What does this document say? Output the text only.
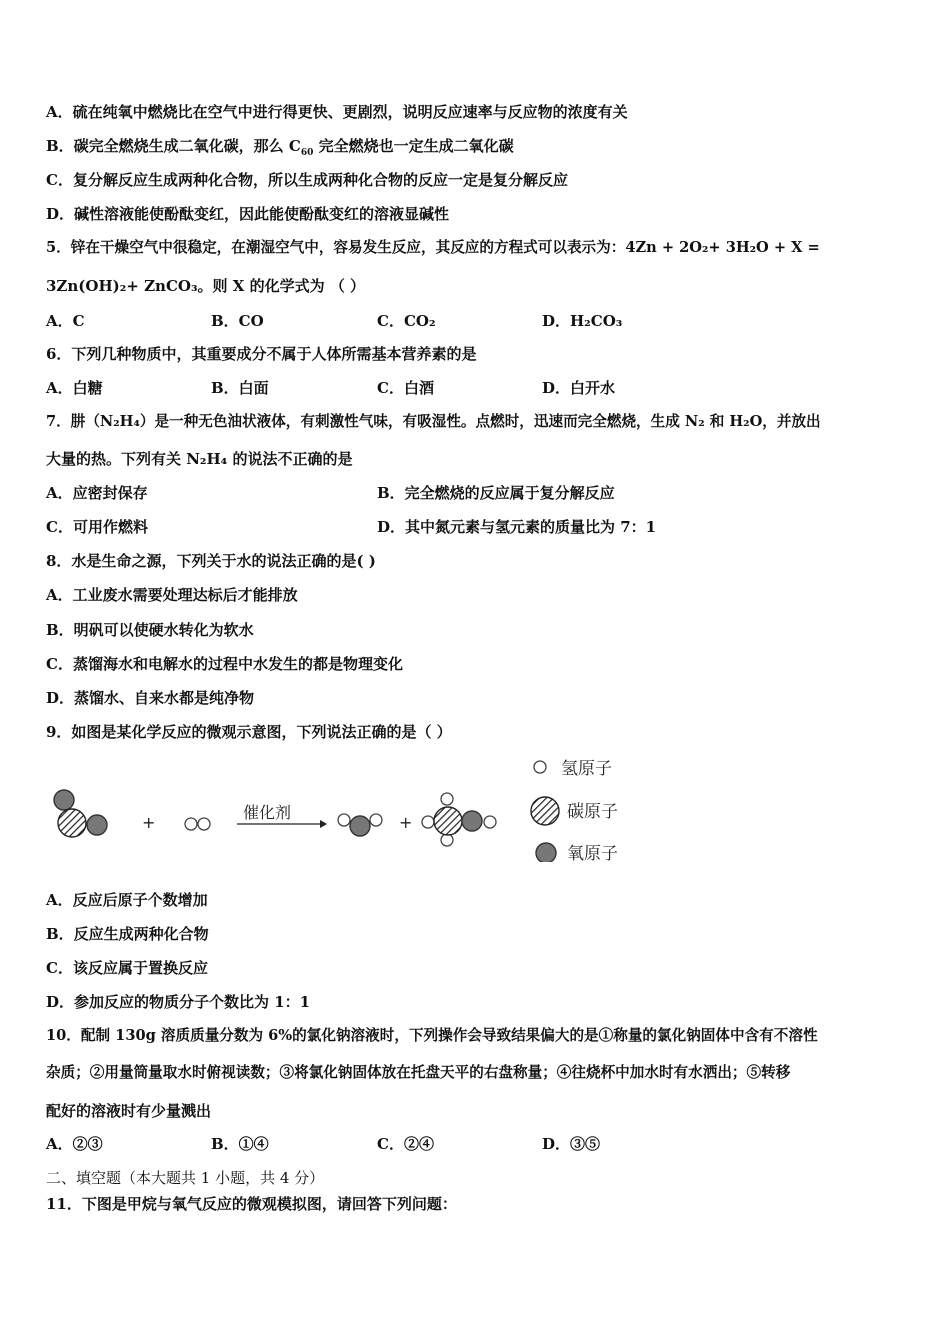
A．硫在纯氧中燃烧比在空气中进行得更快、更剧烈，说明反应速率与反应物的浓度有关
B．碳完全燃烧生成二氧化碳，那么 $C_{60}$ 完全燃烧也一定生成二氧化碳
C．复分解反应生成两种化合物，所以生成两种化合物的反应一定是复分解反应
D．碱性溶液能使酚酞变红，因此能使酚酞变红的溶液显碱性
5．锌在干燥空气中很稳定，在潮湿空气中，容易发生反应，其反应的方程式可以表示为：4Zn + 2O₂+ 3H₂O + X =
3Zn(OH)₂+ ZnCO₃。则 X 的化学式为 （ ）
A．C	B．CO	C．CO₂	D．H₂CO₃
6．下列几种物质中，其重要成分不属于人体所需基本营养素的是
A．白糖	B．白面	C．白酒	D．白开水
7．肼（N₂H₄）是一种无色油状液体，有刺激性气味，有吸湿性。点燃时，迅速而完全燃烧，生成 N₂ 和 H₂O，并放出
大量的热。下列有关 N₂H₄ 的说法不正确的是
A．应密封保存	B．完全燃烧的反应属于复分解反应
C．可用作燃料	D．其中氮元素与氢元素的质量比为 7：1
8．水是生命之源，下列关于水的说法正确的是( )
A．工业废水需要处理达标后才能排放
B．明矾可以使硬水转化为软水
C．蒸馏海水和电解水的过程中水发生的都是物理变化
D．蒸馏水、自来水都是纯净物
9．如图是某化学反应的微观示意图，下列说法正确的是（ ）
+
催化剂
+
氢原子
碳原子
氧原子
A．反应后原子个数增加
B．反应生成两种化合物
C．该反应属于置换反应
D．参加反应的物质分子个数比为 1：1
10．配制 130g 溶质质量分数为 6%的氯化钠溶液时，下列操作会导致结果偏大的是①称量的氯化钠固体中含有不溶性
杂质；②用量筒量取水时俯视读数；③将氯化钠固体放在托盘天平的右盘称量；④往烧杯中加水时有水洒出；⑤转移
配好的溶液时有少量溅出
A．②③	B．①④	C．②④	D．③⑤
二、填空题（本大题共 1 小题，共 4 分）
11．下图是甲烷与氧气反应的微观模拟图，请回答下列问题：
